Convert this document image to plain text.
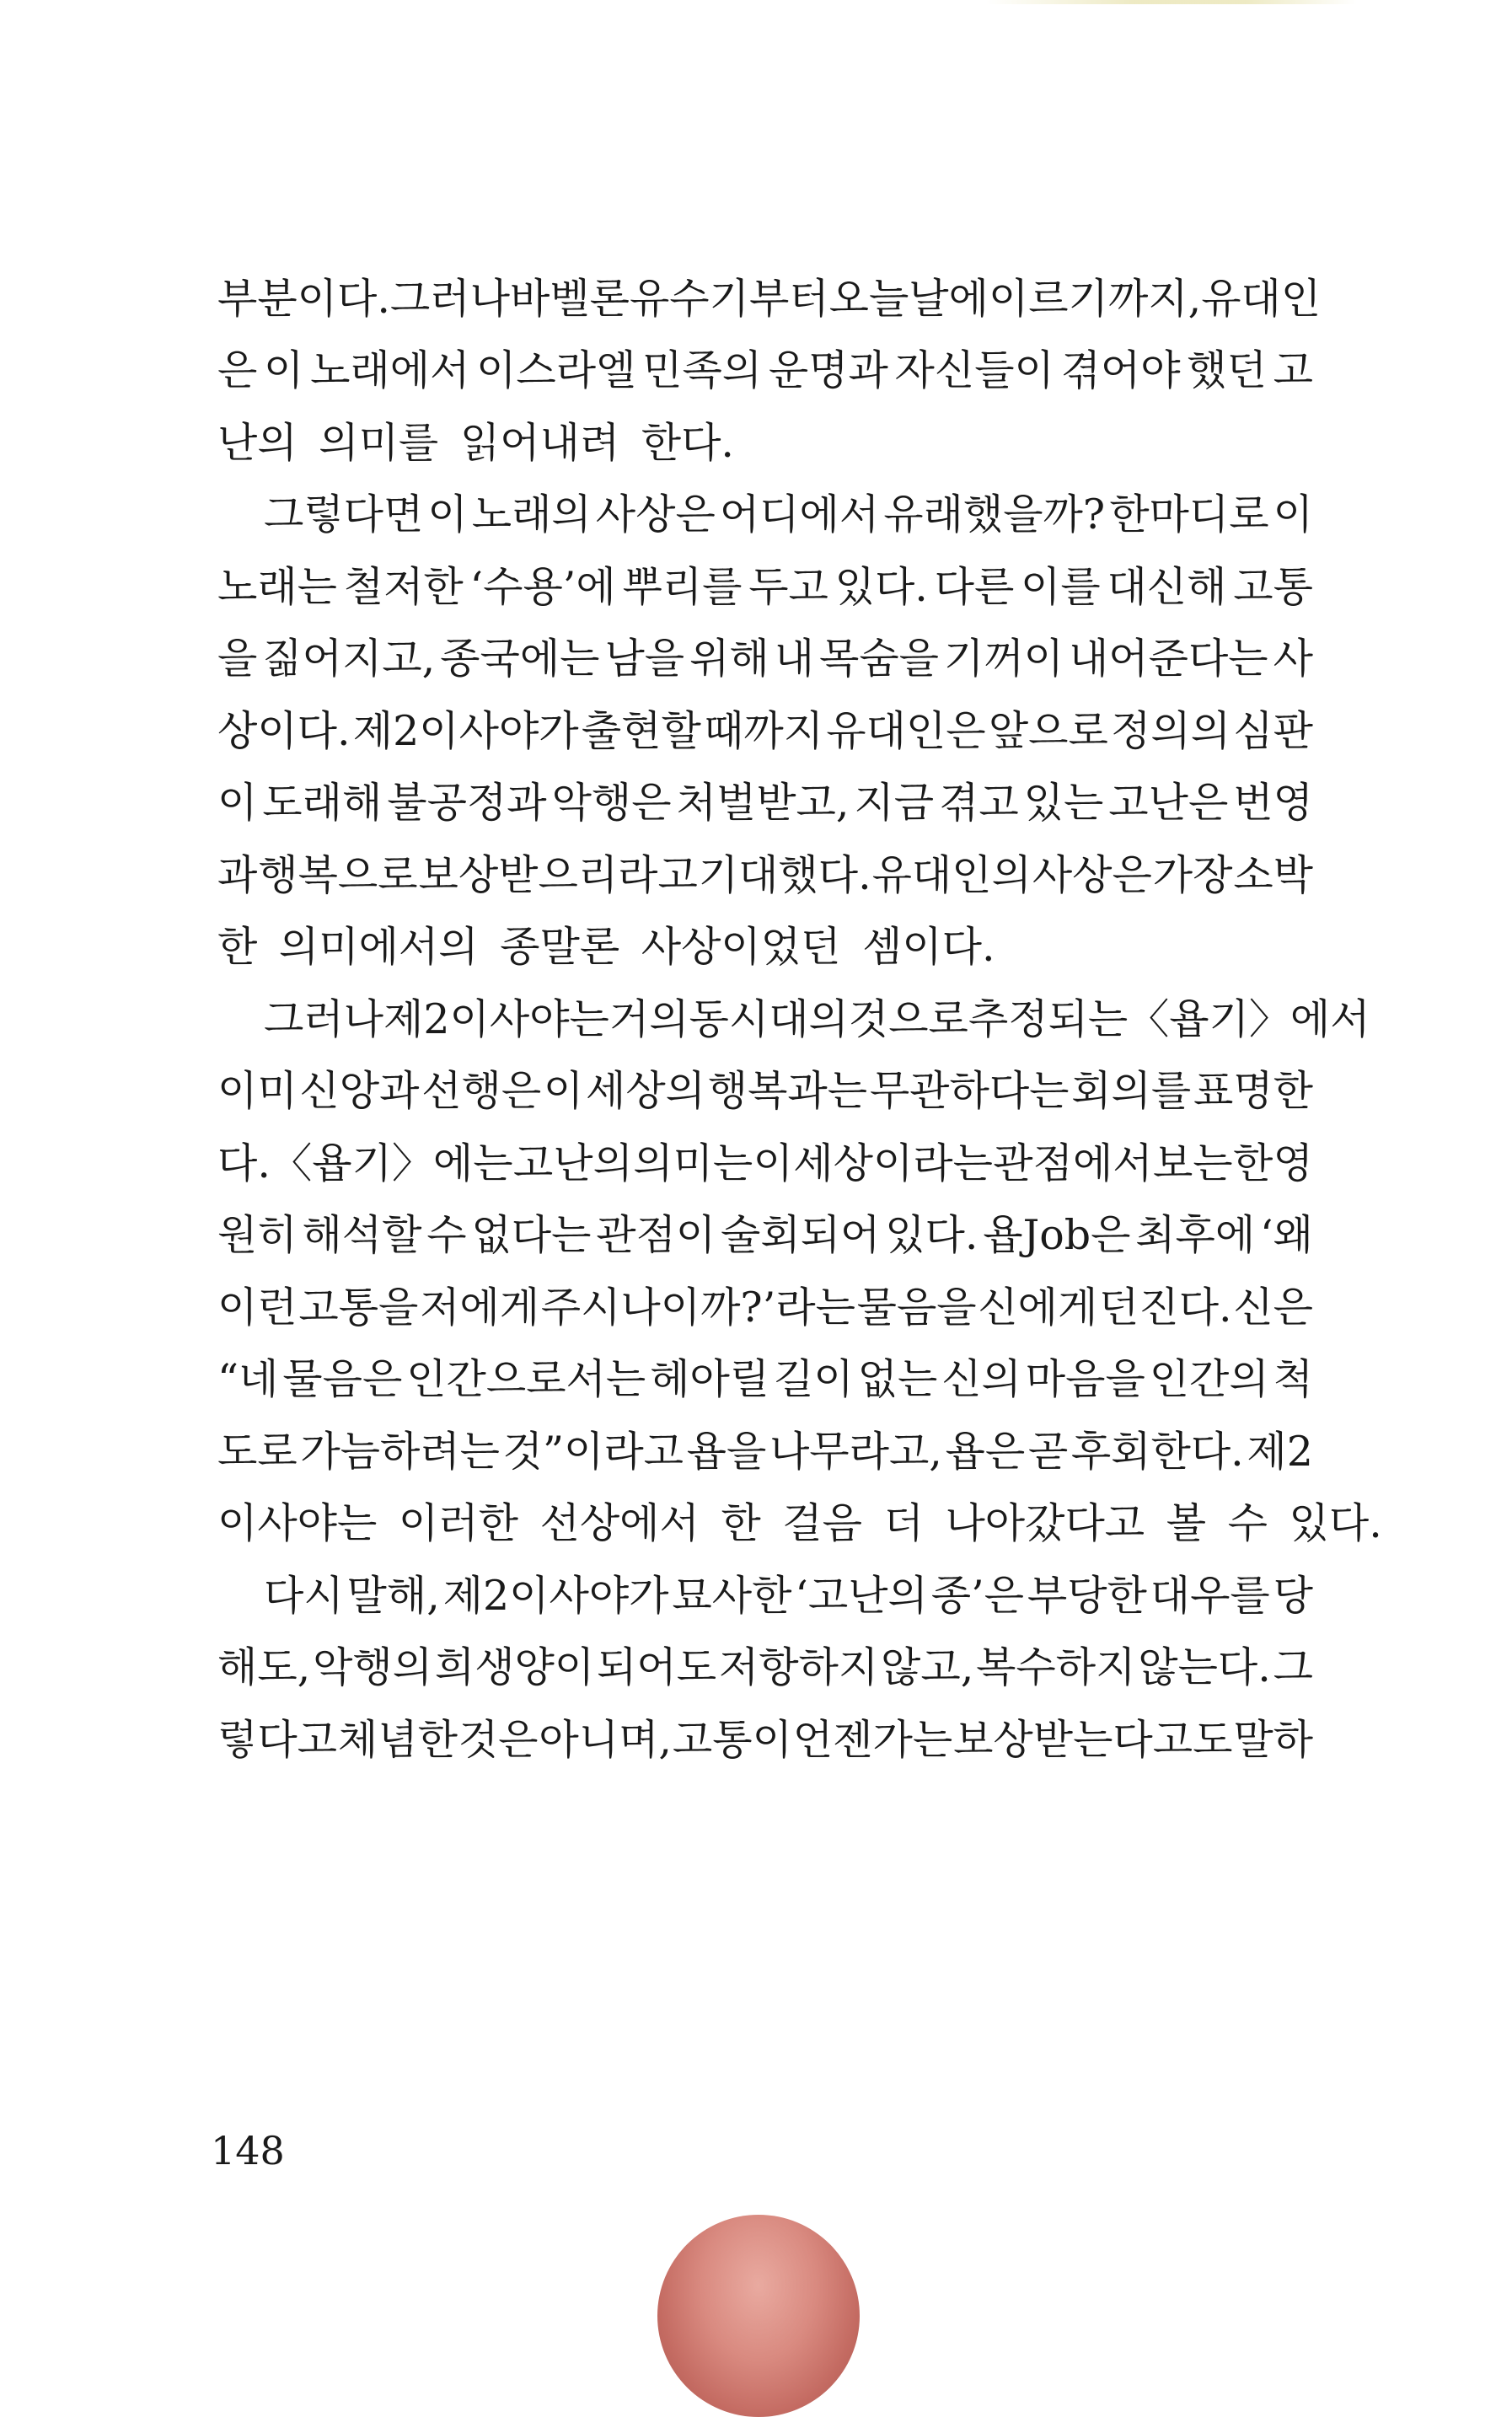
부분이다. 그러나 바벨론 유수기부터 오늘날에 이르기까지, 유대인
은 이 노래에서 이스라엘 민족의 운명과 자신들이 겪어야 했던 고
난의 의미를 읽어내려 한다.
그렇다면 이 노래의 사상은 어디에서 유래했을까? 한마디로 이
노래는 철저한 ‘수용’에 뿌리를 두고 있다. 다른 이를 대신해 고통
을 짊어지고, 종국에는 남을 위해 내 목숨을 기꺼이 내어준다는 사
상이다. 제2이사야가 출현할 때까지 유대인은 앞으로 정의의 심판
이 도래해 불공정과 악행은 처벌받고, 지금 겪고 있는 고난은 번영
과 행복으로 보상받으리라고 기대했다. 유대인의 사상은 가장 소박
한 의미에서의 종말론 사상이었던 셈이다.
그러나 제2이사야는 거의 동시대의 것으로 추정되는 〈욥기〉에서
이미 신앙과 선행은 이 세상의 행복과는 무관하다는 회의를 표명한
다. 〈욥기〉에는 고난의 의미는 이 세상이라는 관점에서 보는 한 영
원히 해석할 수 없다는 관점이 술회되어 있다. 욥Job은 최후에 ‘왜
이런 고통을 저에게 주시나이까?’라는 물음을 신에게 던진다. 신은
“네 물음은 인간으로서는 헤아릴 길이 없는 신의 마음을 인간의 척
도로 가늠하려는 것”이라고 욥을 나무라고, 욥은 곧 후회한다. 제2
이사야는 이러한 선상에서 한 걸음 더 나아갔다고 볼 수 있다.
다시 말해, 제2이사야가 묘사한 ‘고난의 종’은 부당한 대우를 당
해도, 악행의 희생양이 되어도 저항하지 않고, 복수하지 않는다. 그
렇다고 체념한 것은 아니며, 고통이 언젠가는 보상받는다고도 말하
148
